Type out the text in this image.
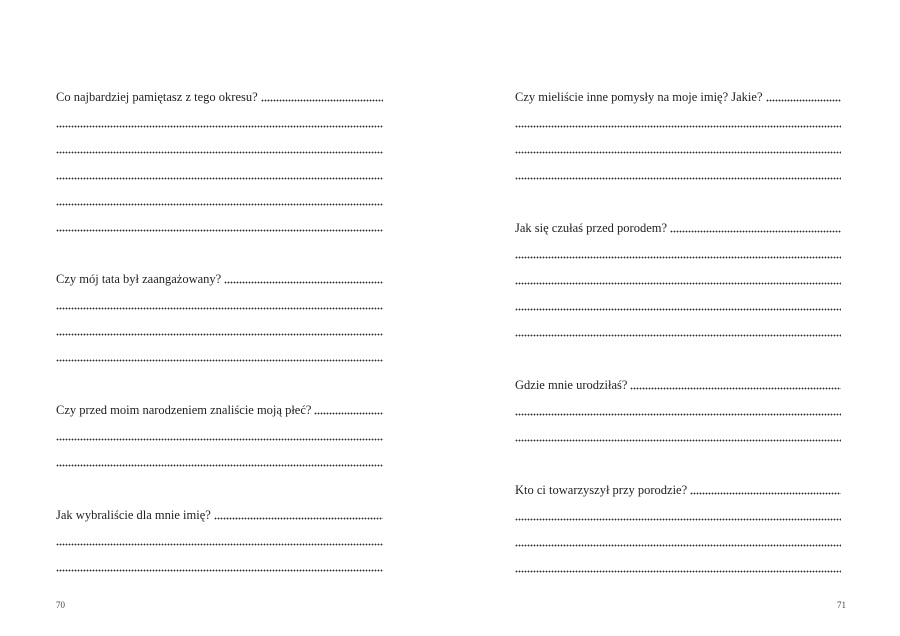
Co najbardziej pamiętasz z tego okresu?
Czy mój tata był zaangażowany?
Czy przed moim narodzeniem znaliście moją płeć?
Jak wybraliście dla mnie imię?
70
Czy mieliście inne pomysły na moje imię? Jakie?
Jak się czułaś przed porodem?
Gdzie mnie urodziłaś?
Kto ci towarzyszył przy porodzie?
71
